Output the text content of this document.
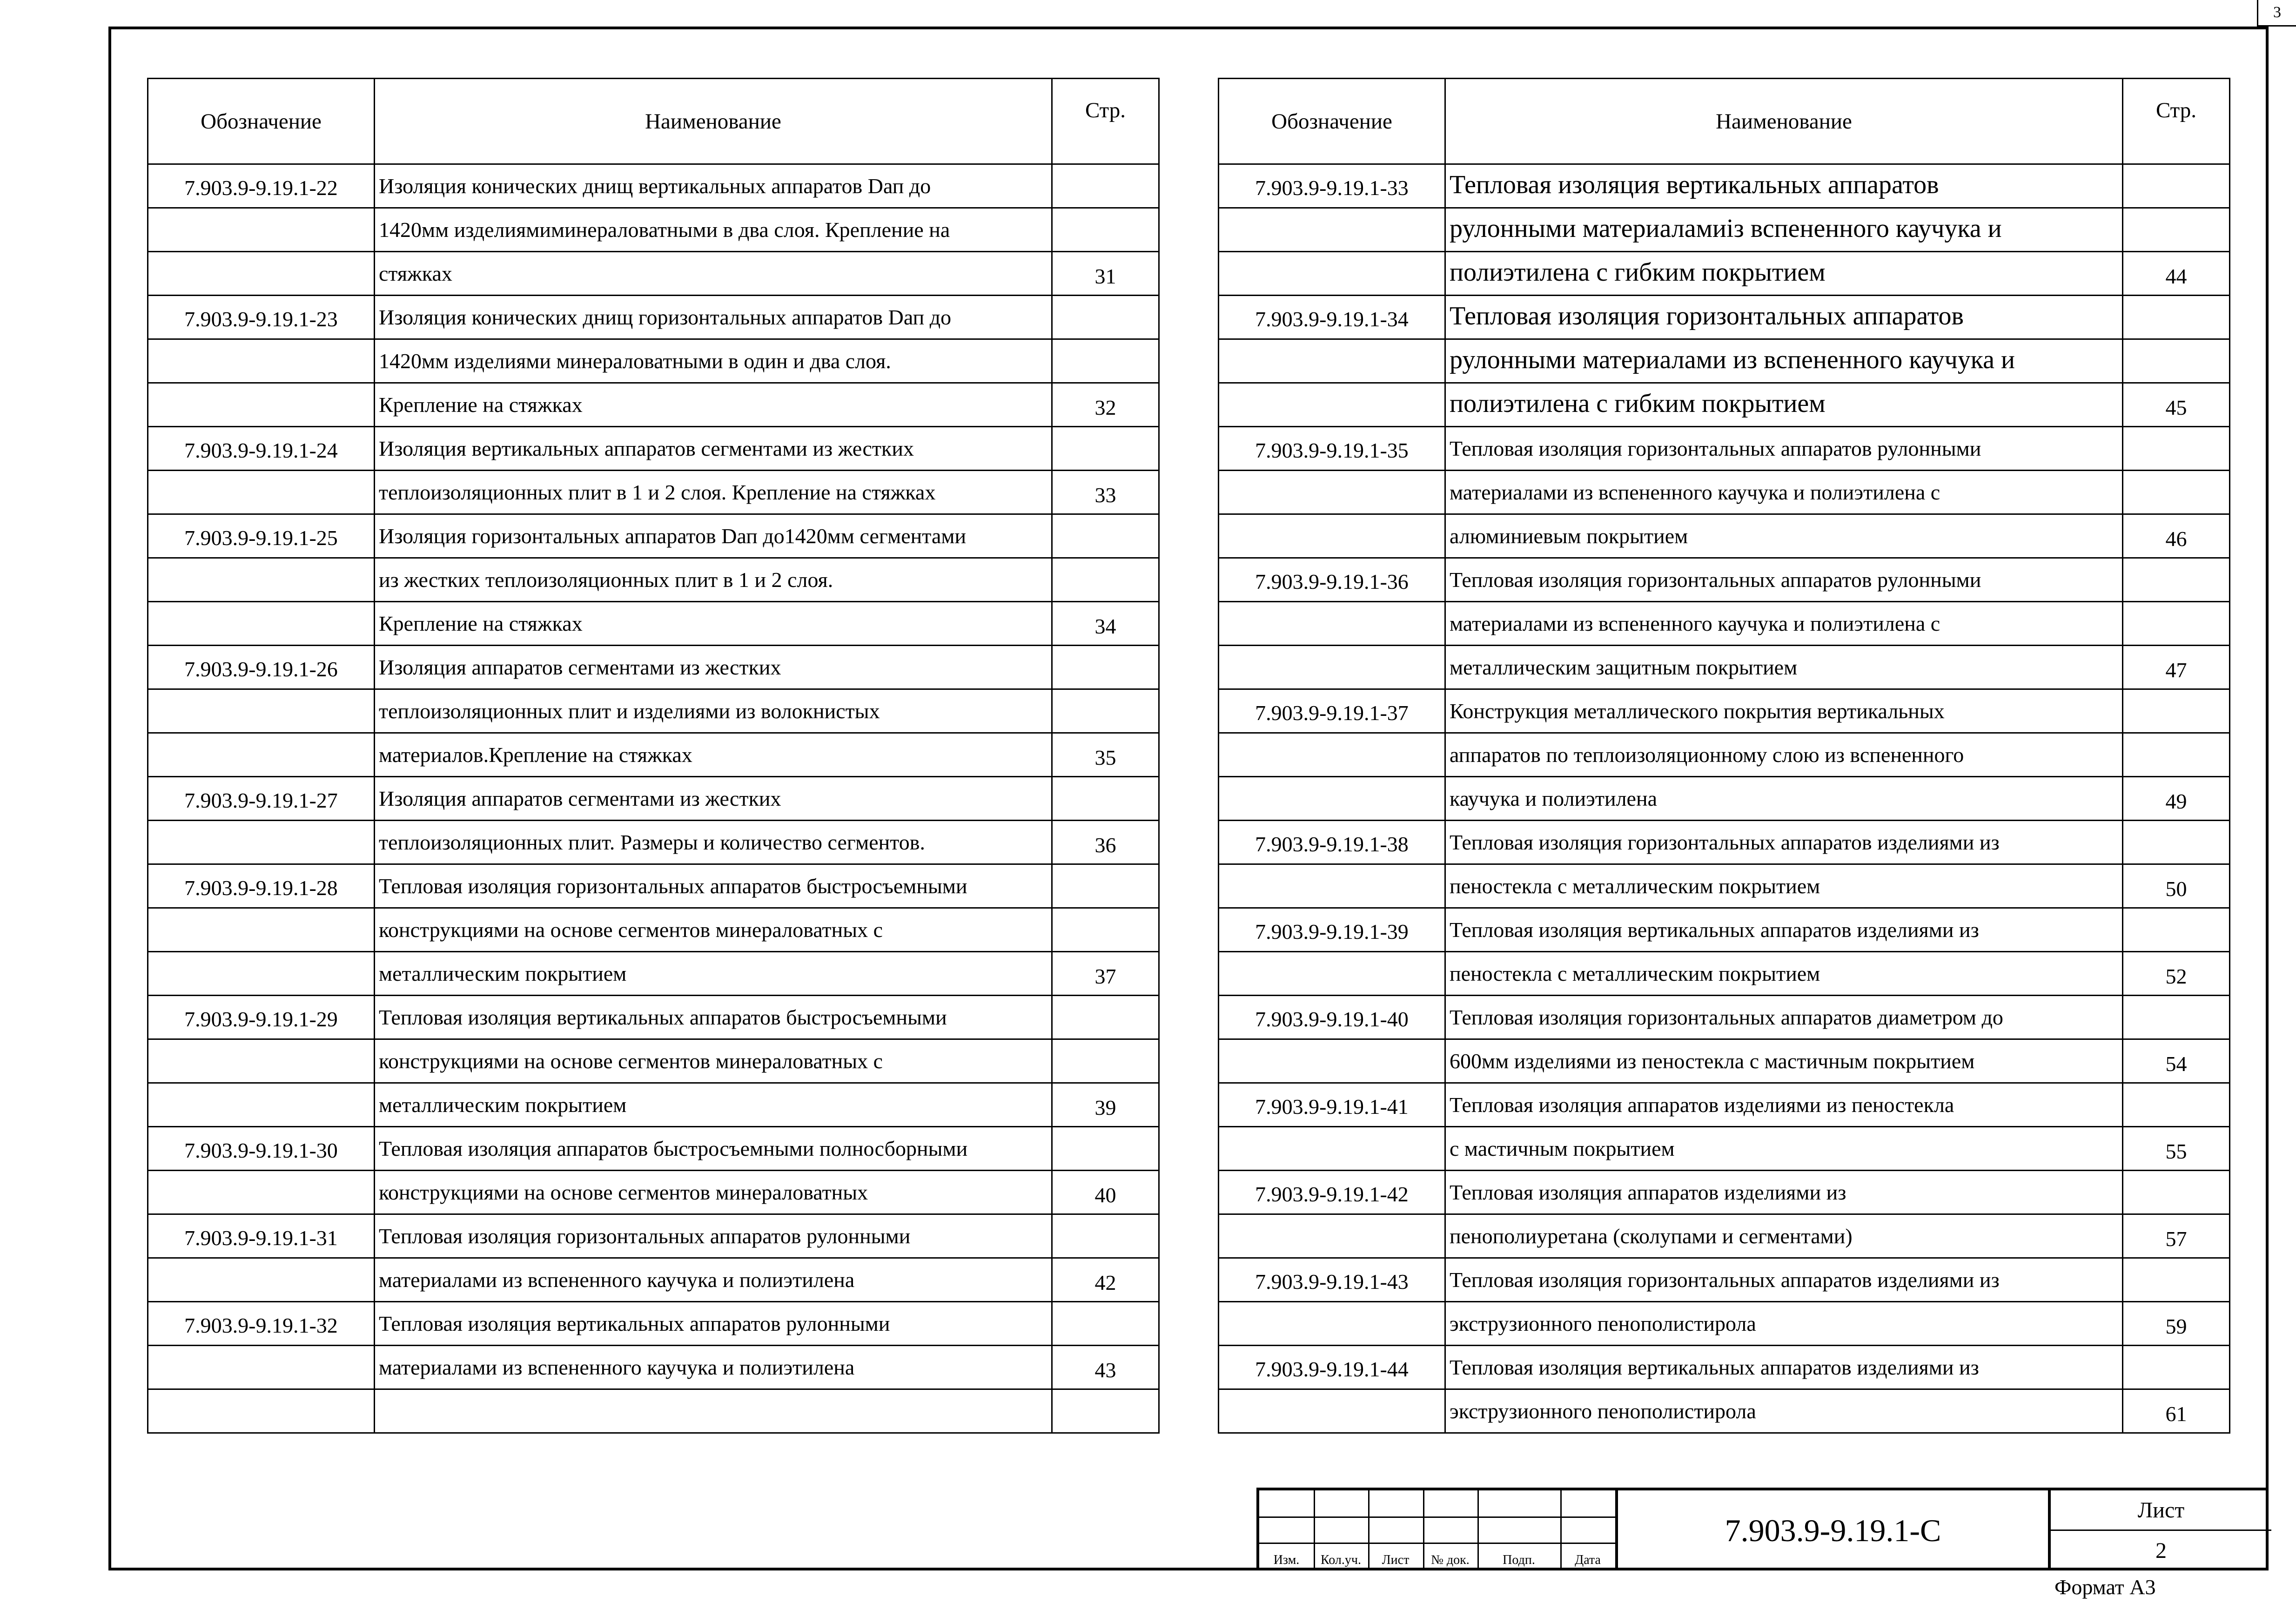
3
Обозначение	Наименование	Стр.
7.903.9-9.19.1-22	Изоляция конических днищ вертикальных аппаратов Dап до	
	1420мм изделиямиминераловатными в два слоя. Крепление на	
	стяжках	31
7.903.9-9.19.1-23	Изоляция конических днищ горизонтальных аппаратов Dап до	
	1420мм изделиями минераловатными в один и два слоя.	
	Крепление на стяжках	32
7.903.9-9.19.1-24	Изоляция вертикальных аппаратов сегментами из жестких	
	теплоизоляционных плит в 1 и 2 слоя. Крепление на стяжках	33
7.903.9-9.19.1-25	Изоляция горизонтальных аппаратов Dап до1420мм сегментами	
	из жестких теплоизоляционных плит в 1 и 2 слоя.	
	Крепление на стяжках	34
7.903.9-9.19.1-26	Изоляция аппаратов сегментами из жестких	
	теплоизоляционных плит и изделиями из волокнистых	
	материалов.Крепление на стяжках	35
7.903.9-9.19.1-27	Изоляция аппаратов сегментами из жестких	
	теплоизоляционных плит. Размеры и количество сегментов.	36
7.903.9-9.19.1-28	Тепловая изоляция горизонтальных аппаратов быстросъемными	
	конструкциями на основе сегментов минераловатных с	
	металлическим покрытием	37
7.903.9-9.19.1-29	Тепловая изоляция вертикальных аппаратов быстросъемными	
	конструкциями на основе сегментов минераловатных с	
	металлическим покрытием	39
7.903.9-9.19.1-30	Тепловая изоляция аппаратов быстросъемными полносборными	
	конструкциями на основе сегментов минераловатных	40
7.903.9-9.19.1-31	Тепловая изоляция горизонтальных аппаратов рулонными	
	материалами из вспененного каучука и полиэтилена	42
7.903.9-9.19.1-32	Тепловая изоляция вертикальных аппаратов рулонными	
	материалами из вспененного каучука и полиэтилена	43

Обозначение	Наименование	Стр.
7.903.9-9.19.1-33	Тепловая изоляция вертикальных аппаратов	
	рулонными материаламиiз вспененного каучука и	
	полиэтилена с гибким покрытием	44
7.903.9-9.19.1-34	Тепловая изоляция горизонтальных аппаратов	
	рулонными материалами из вспененного каучука и	
	полиэтилена с гибким покрытием	45
7.903.9-9.19.1-35	Тепловая изоляция горизонтальных аппаратов рулонными	
	материалами из вспененного каучука и полиэтилена с	
	алюминиевым покрытием	46
7.903.9-9.19.1-36	Тепловая изоляция горизонтальных аппаратов рулонными	
	материалами из вспененного каучука и полиэтилена с	
	металлическим защитным покрытием	47
7.903.9-9.19.1-37	Конструкция металлического покрытия вертикальных	
	аппаратов по теплоизоляционному слою из вспененного	
	каучука и полиэтилена	49
7.903.9-9.19.1-38	Тепловая изоляция горизонтальных аппаратов изделиями из	
	пеностекла с металлическим покрытием	50
7.903.9-9.19.1-39	Тепловая изоляция вертикальных аппаратов изделиями из	
	пеностекла с металлическим покрытием	52
7.903.9-9.19.1-40	Тепловая изоляция горизонтальных аппаратов диаметром до	
	600мм изделиями из пеностекла с мастичным покрытием	54
7.903.9-9.19.1-41	Тепловая изоляция аппаратов изделиями из пеностекла	
	с мастичным покрытием	55
7.903.9-9.19.1-42	Тепловая изоляция аппаратов изделиями из	
	пенополиуретана (сколупами и сегментами)	57
7.903.9-9.19.1-43	Тепловая изоляция горизонтальных аппаратов изделиями из	
	экструзионного пенополистирола	59
7.903.9-9.19.1-44	Тепловая изоляция вертикальных аппаратов изделиями из	
	экструзионного пенополистирола	61
Изм.	Кол.уч.	Лист	№ док.	Подп.	Дата
7.903.9-9.19.1-С
Лист
2
Формат А3
